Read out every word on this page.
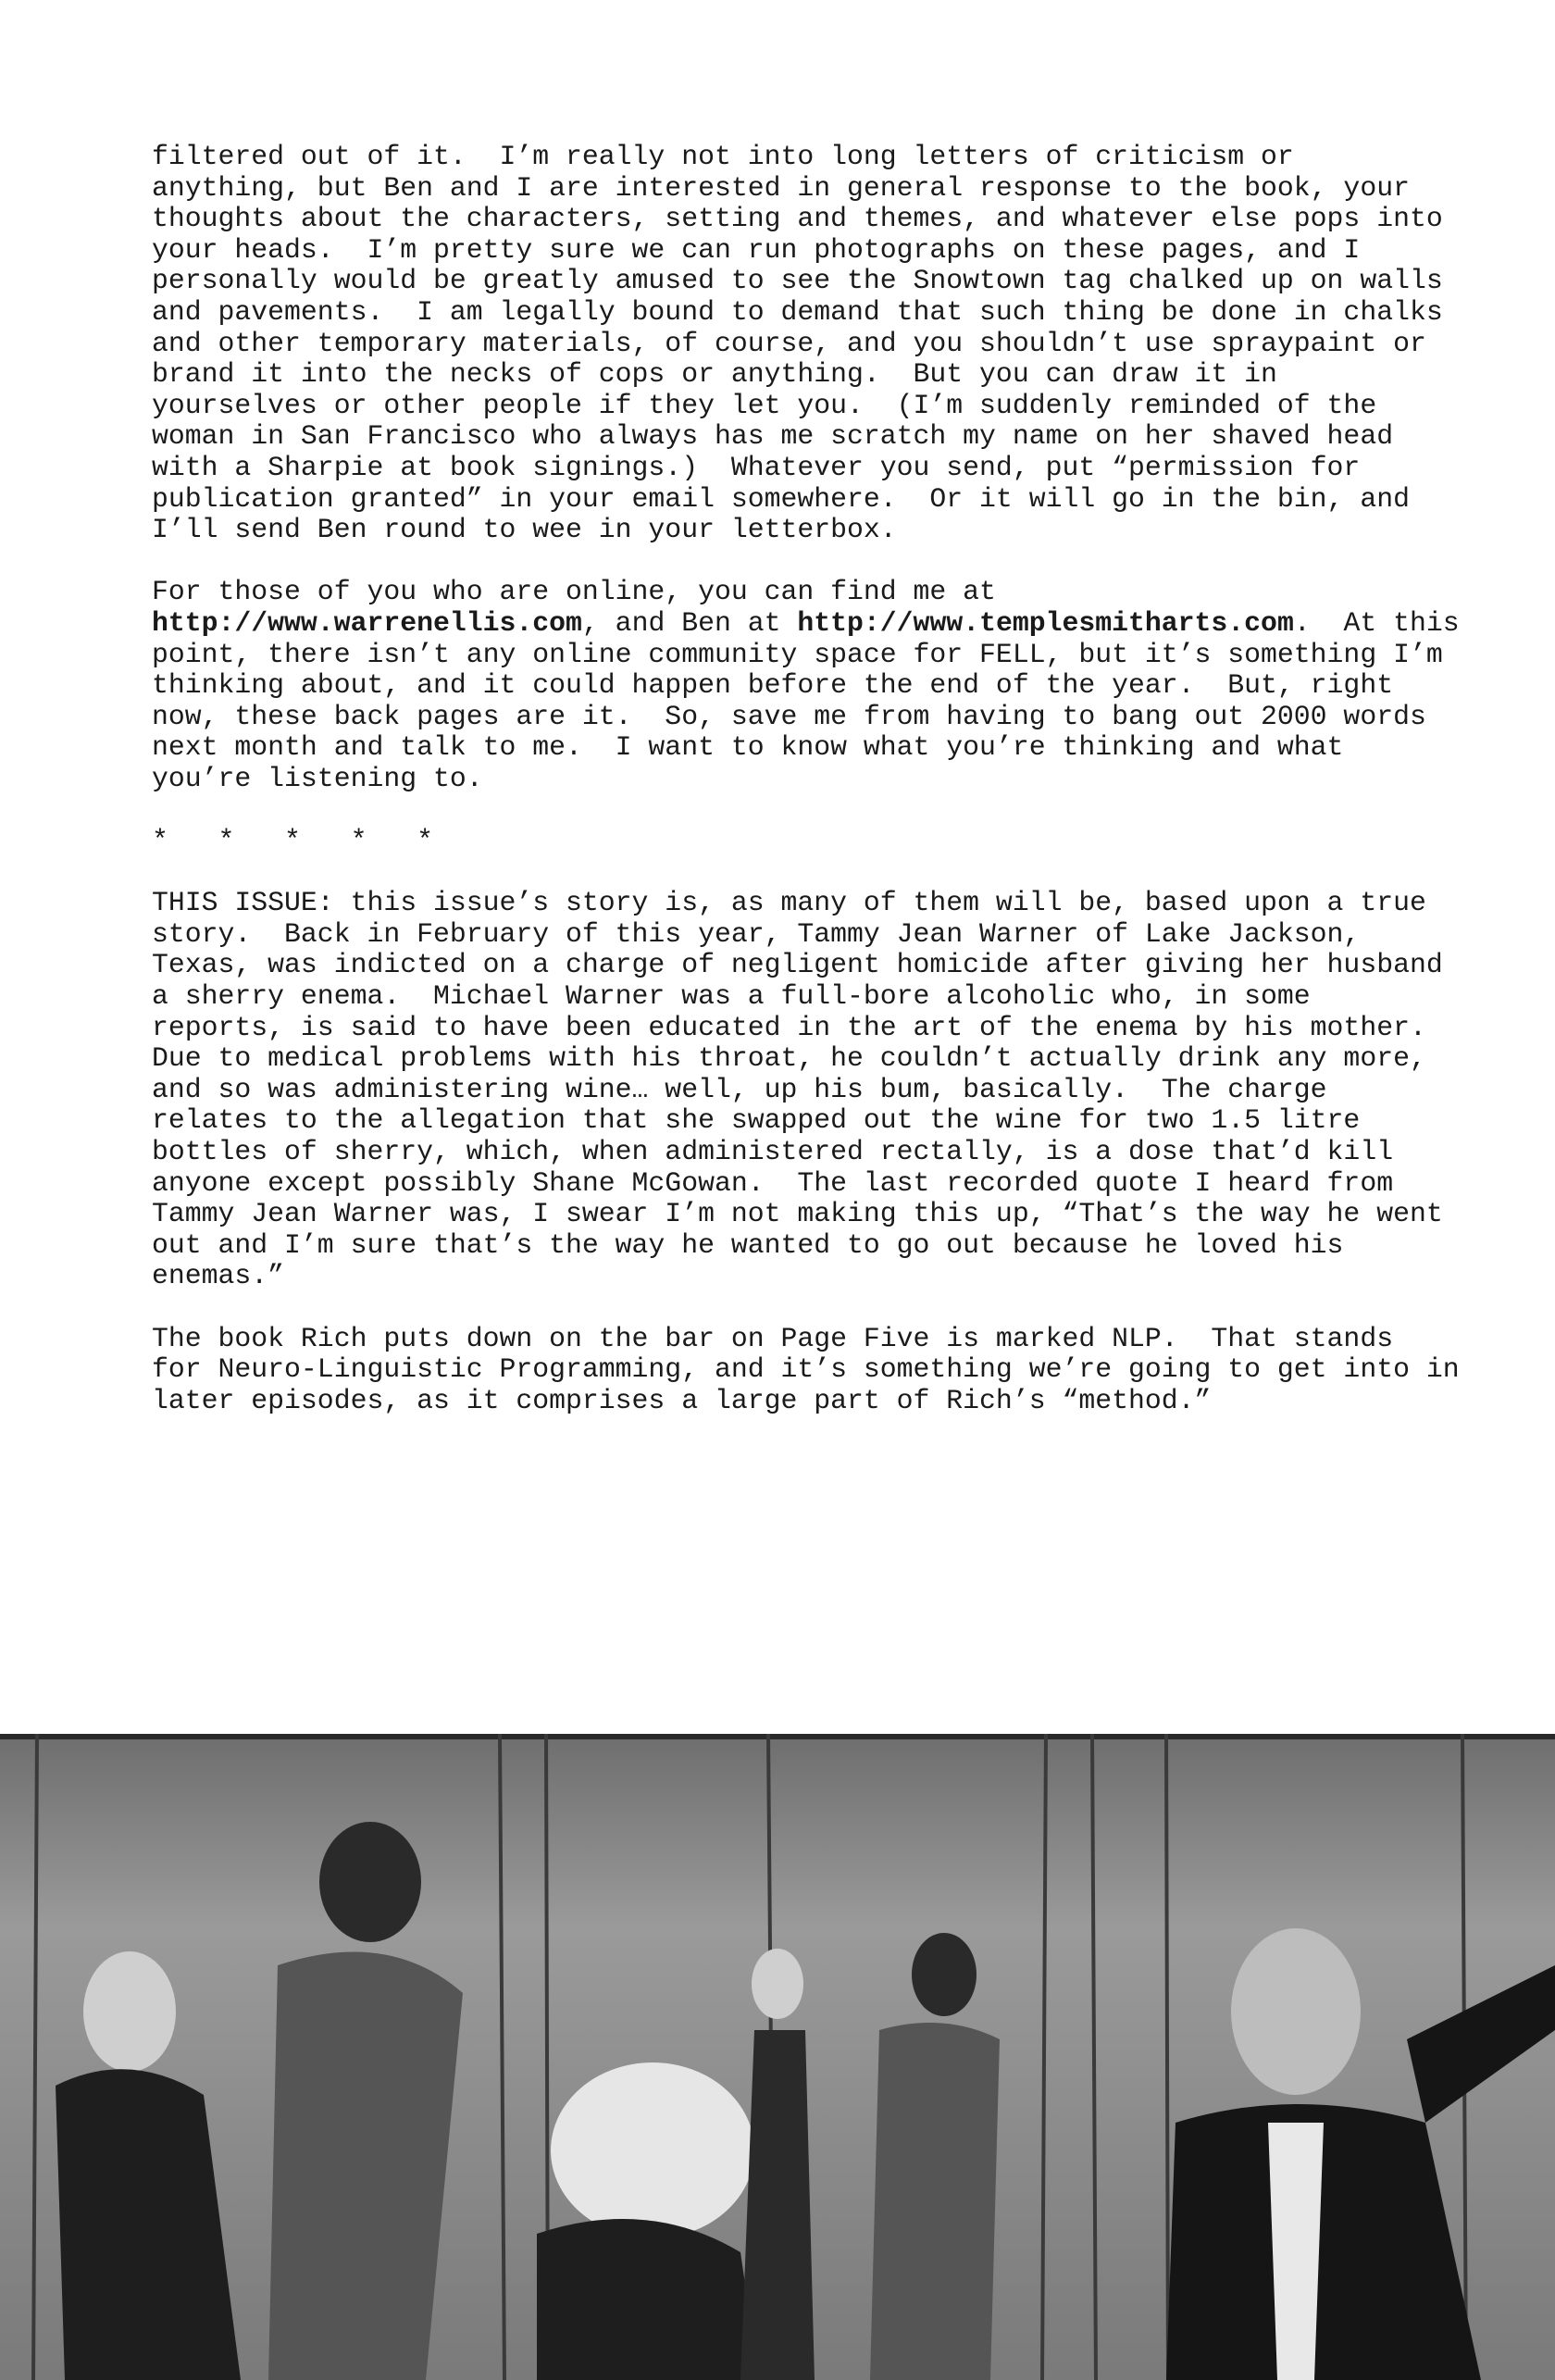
filtered out of it.  I’m really not into long letters of criticism or
anything, but Ben and I are interested in general response to the book, your
thoughts about the characters, setting and themes, and whatever else pops into
your heads.  I’m pretty sure we can run photographs on these pages, and I
personally would be greatly amused to see the Snowtown tag chalked up on walls
and pavements.  I am legally bound to demand that such thing be done in chalks
and other temporary materials, of course, and you shouldn’t use spraypaint or
brand it into the necks of cops or anything.  But you can draw it in
yourselves or other people if they let you.  (I’m suddenly reminded of the
woman in San Francisco who always has me scratch my name on her shaved head
with a Sharpie at book signings.)  Whatever you send, put “permission for
publication granted” in your email somewhere.  Or it will go in the bin, and
I’ll send Ben round to wee in your letterbox.
For those of you who are online, you can find me at
http://www.warrenellis.com, and Ben at http://www.templesmitharts.com.  At this
point, there isn’t any online community space for FELL, but it’s something I’m
thinking about, and it could happen before the end of the year.  But, right
now, these back pages are it.  So, save me from having to bang out 2000 words
next month and talk to me.  I want to know what you’re thinking and what
you’re listening to.
*   *   *   *   *
THIS ISSUE: this issue’s story is, as many of them will be, based upon a true
story.  Back in February of this year, Tammy Jean Warner of Lake Jackson,
Texas, was indicted on a charge of negligent homicide after giving her husband
a sherry enema.  Michael Warner was a full-bore alcoholic who, in some
reports, is said to have been educated in the art of the enema by his mother.
Due to medical problems with his throat, he couldn’t actually drink any more,
and so was administering wine… well, up his bum, basically.  The charge
relates to the allegation that she swapped out the wine for two 1.5 litre
bottles of sherry, which, when administered rectally, is a dose that’d kill
anyone except possibly Shane McGowan.  The last recorded quote I heard from
Tammy Jean Warner was, I swear I’m not making this up, “That’s the way he went
out and I’m sure that’s the way he wanted to go out because he loved his
enemas.”
The book Rich puts down on the bar on Page Five is marked NLP.  That stands
for Neuro-Linguistic Programming, and it’s something we’re going to get into in
later episodes, as it comprises a large part of Rich’s “method.”
